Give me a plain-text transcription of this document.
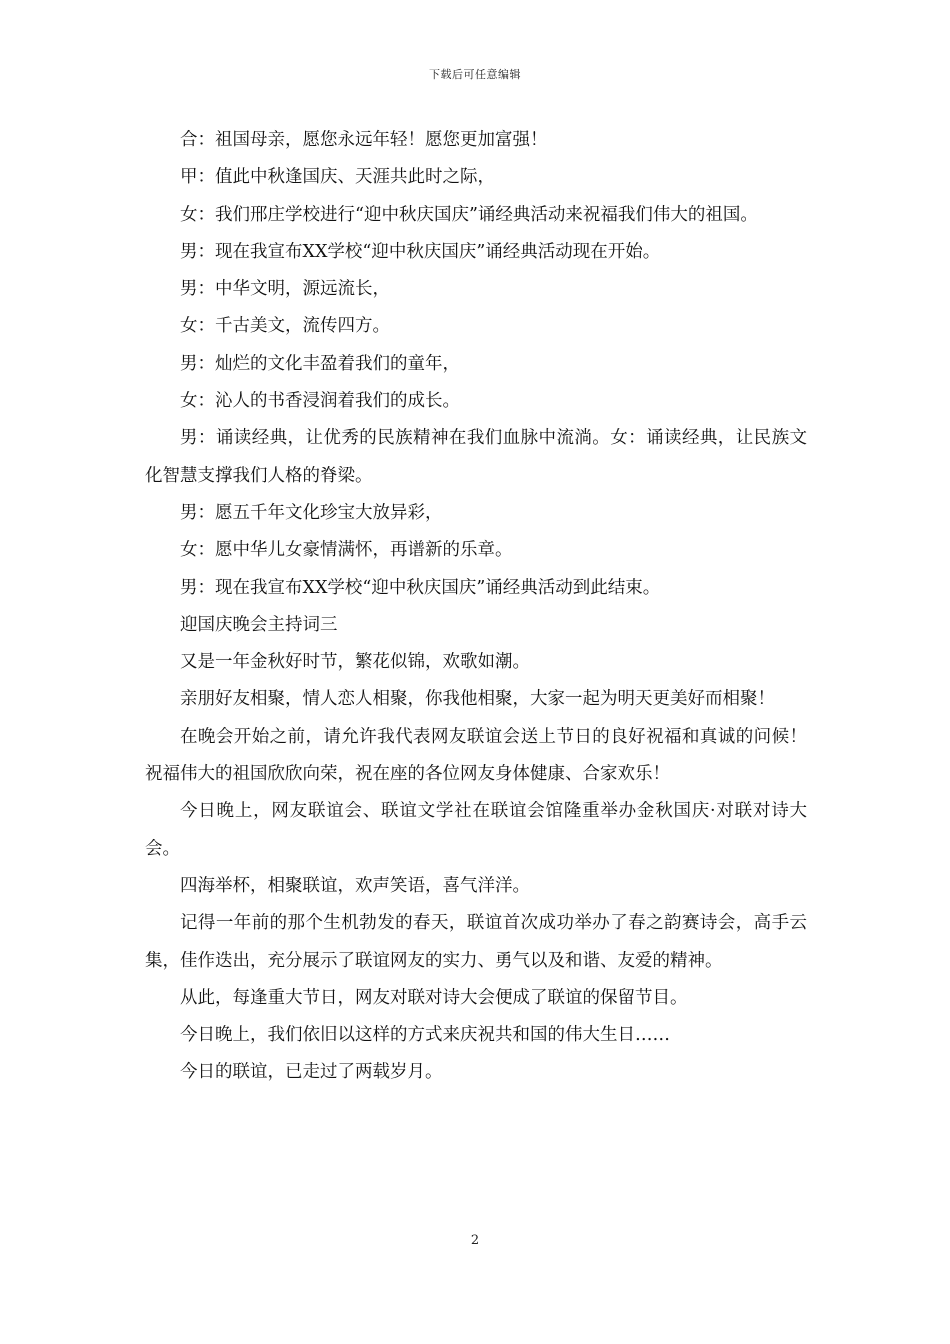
下载后可任意编辑

合：祖国母亲，愿您永远年轻！愿您更加富强！

甲：值此中秋逢国庆、天涯共此时之际，

女：我们邢庄学校进行“迎中秋庆国庆”诵经典活动来祝福我们伟大的祖国。

男：现在我宣布XX学校“迎中秋庆国庆”诵经典活动现在开始。

男：中华文明，源远流长，

女：千古美文，流传四方。

男：灿烂的文化丰盈着我们的童年，

女：沁人的书香浸润着我们的成长。

男：诵读经典，让优秀的民族精神在我们血脉中流淌。女：诵读经典，让民族文化智慧支撑我们人格的脊梁。

男：愿五千年文化珍宝大放异彩，

女：愿中华儿女豪情满怀，再谱新的乐章。

男：现在我宣布XX学校“迎中秋庆国庆”诵经典活动到此结束。

迎国庆晚会主持词三

又是一年金秋好时节，繁花似锦，欢歌如潮。

亲朋好友相聚，情人恋人相聚，你我他相聚，大家一起为明天更美好而相聚！

在晚会开始之前，请允许我代表网友联谊会送上节日的良好祝福和真诚的问候！祝福伟大的祖国欣欣向荣，祝在座的各位网友身体健康、合家欢乐！

今日晚上，网友联谊会、联谊文学社在联谊会馆隆重举办金秋国庆·对联对诗大会。

四海举杯，相聚联谊，欢声笑语，喜气洋洋。

记得一年前的那个生机勃发的春天，联谊首次成功举办了春之韵赛诗会，高手云集，佳作迭出，充分展示了联谊网友的实力、勇气以及和谐、友爱的精神。

从此，每逢重大节日，网友对联对诗大会便成了联谊的保留节目。

今日晚上，我们依旧以这样的方式来庆祝共和国的伟大生日……

今日的联谊，已走过了两载岁月。

2
